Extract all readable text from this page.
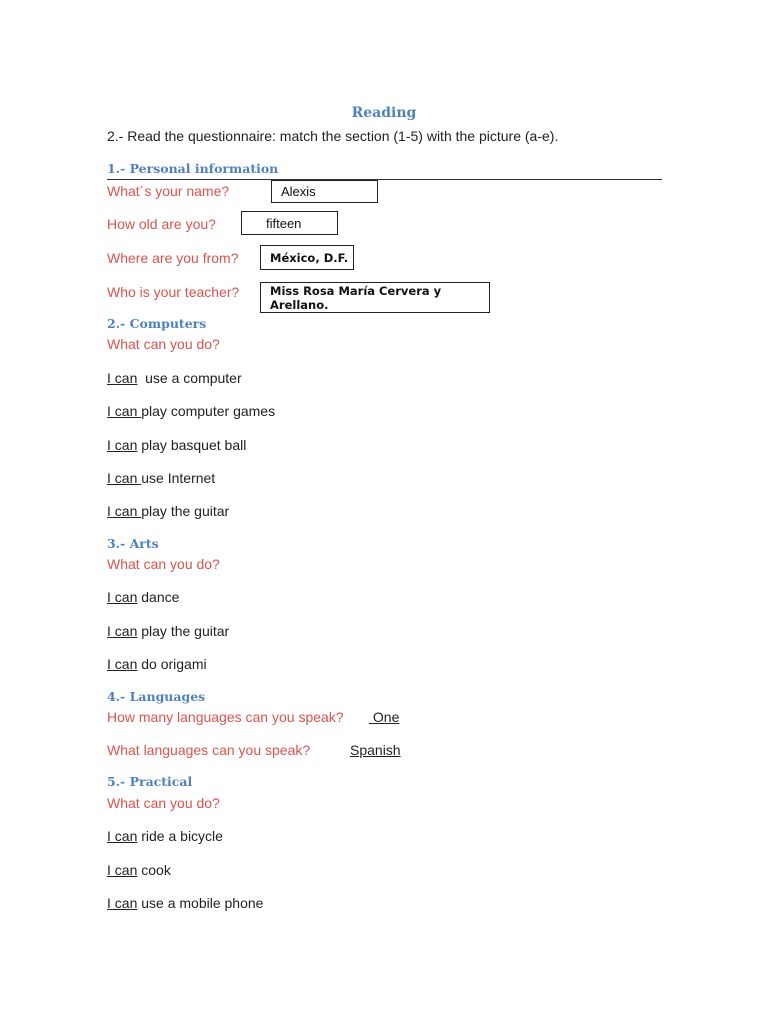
Reading
2.- Read the questionnaire: match the section (1-5) with the picture (a-e).
1.- Personal information
What´s your name?	Alexis
How old are you?	fifteen
Where are you from?	México, D.F.
Who is your teacher?	Miss Rosa María Cervera y Arellano.
2.- Computers
What can you do?
I can  use a computer
I can play computer games
I can play basquet ball
I can use Internet
I can play the guitar
3.- Arts
What can you do?
I can dance
I can play the guitar
I can do origami
4.- Languages
How many languages can you speak? One
What languages can you speak?	Spanish
5.- Practical
What can you do?
I can ride a bicycle
I can cook
I can use a mobile phone
